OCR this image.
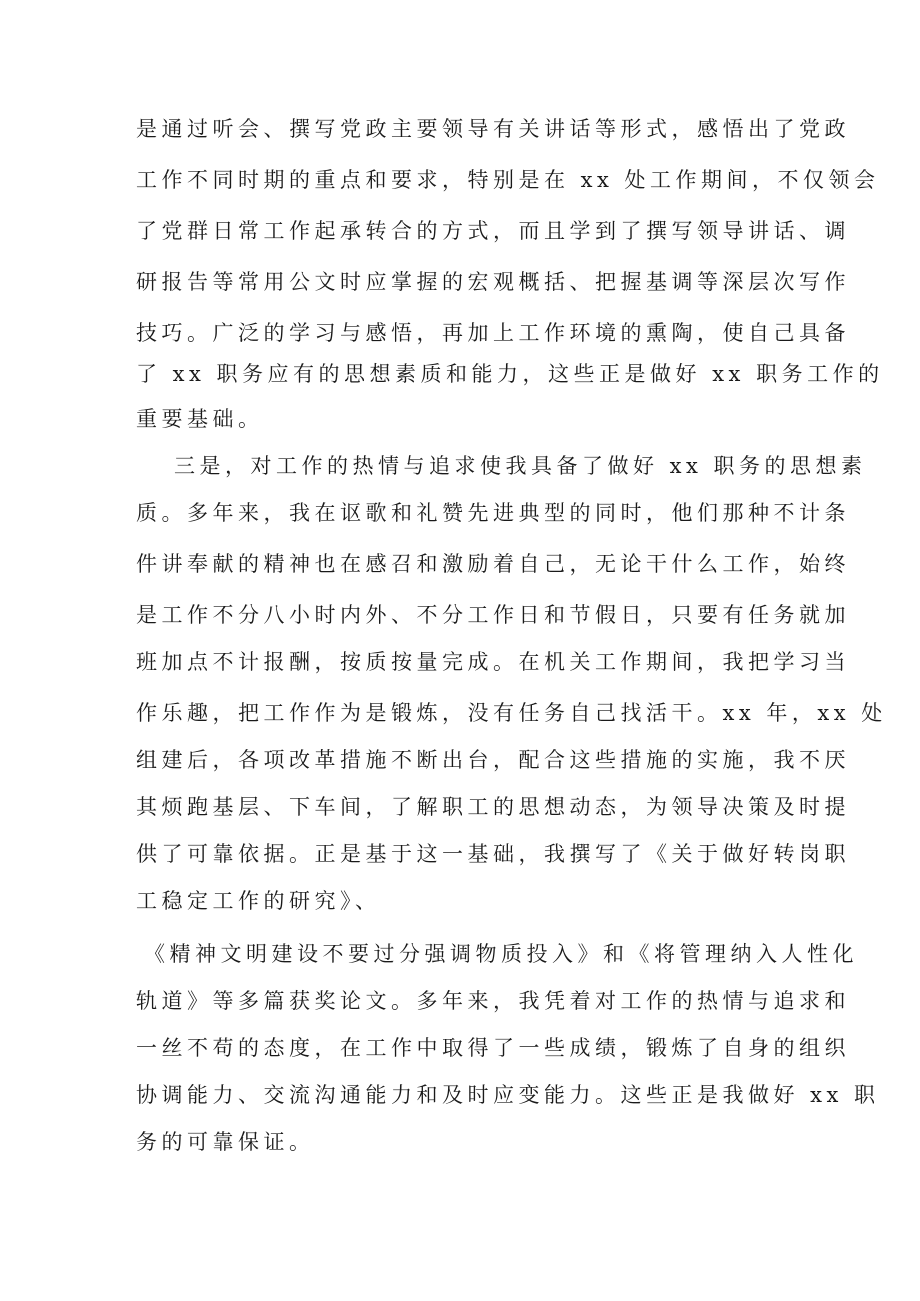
是通过听会、撰写党政主要领导有关讲话等形式，感悟出了党政
工作不同时期的重点和要求，特别是在 xx 处工作期间，不仅领会
了党群日常工作起承转合的方式，而且学到了撰写领导讲话、调
研报告等常用公文时应掌握的宏观概括、把握基调等深层次写作
技巧。广泛的学习与感悟，再加上工作环境的熏陶，使自己具备
了 xx 职务应有的思想素质和能力，这些正是做好 xx 职务工作的
重要基础。
三是，对工作的热情与追求使我具备了做好 xx 职务的思想素
质。多年来，我在讴歌和礼赞先进典型的同时，他们那种不计条
件讲奉献的精神也在感召和激励着自己，无论干什么工作，始终
是工作不分八小时内外、不分工作日和节假日，只要有任务就加
班加点不计报酬，按质按量完成。在机关工作期间，我把学习当
作乐趣，把工作作为是锻炼，没有任务自己找活干。xx 年，xx 处
组建后，各项改革措施不断出台，配合这些措施的实施，我不厌
其烦跑基层、下车间，了解职工的思想动态，为领导决策及时提
供了可靠依据。正是基于这一基础，我撰写了《关于做好转岗职
工稳定工作的研究》、
《精神文明建设不要过分强调物质投入》和《将管理纳入人性化
轨道》等多篇获奖论文。多年来，我凭着对工作的热情与追求和
一丝不苟的态度，在工作中取得了一些成绩，锻炼了自身的组织
协调能力、交流沟通能力和及时应变能力。这些正是我做好 xx 职
务的可靠保证。
